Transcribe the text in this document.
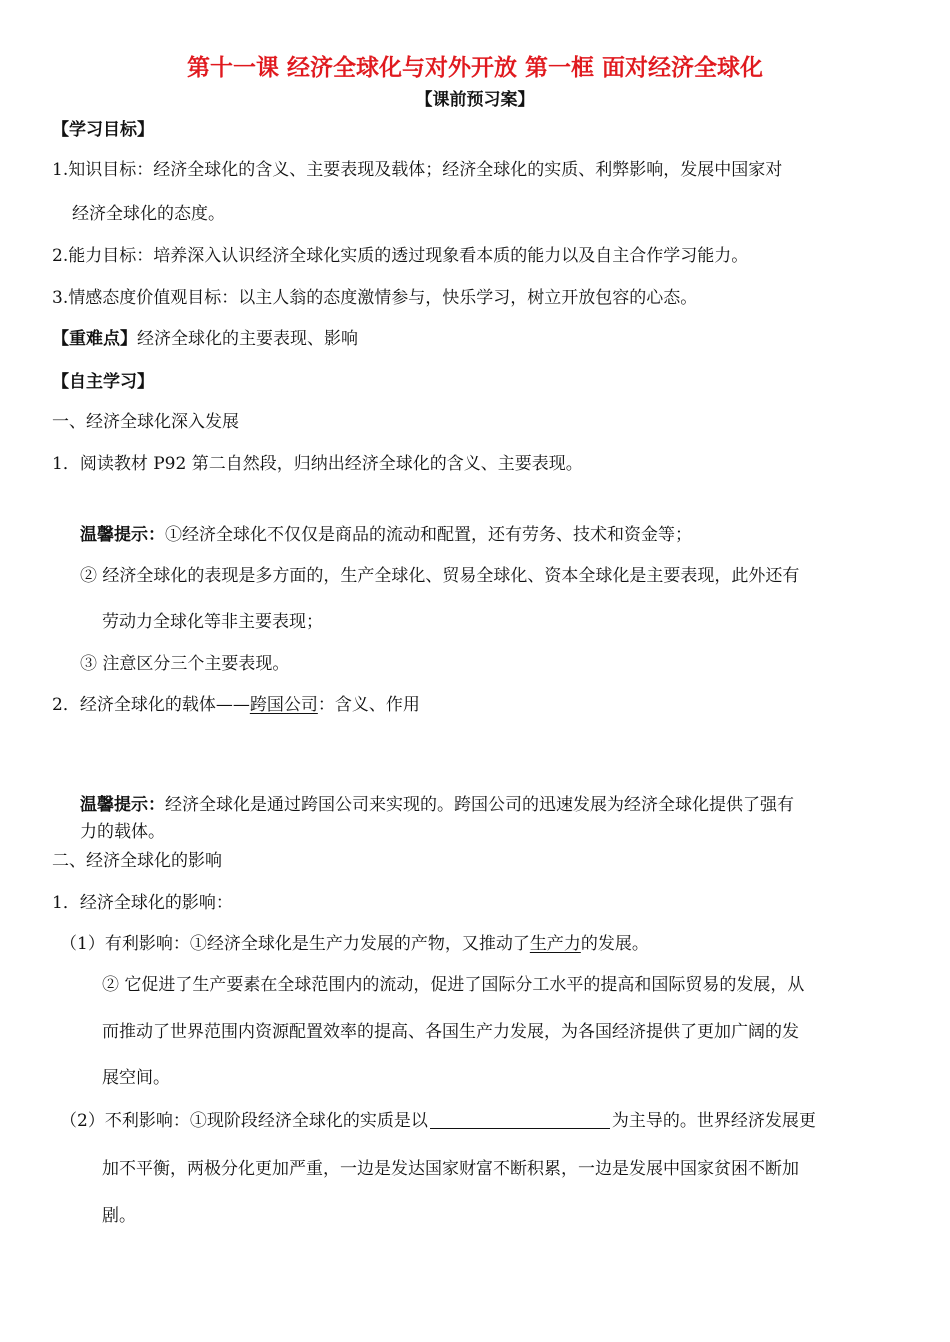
第十一课 经济全球化与对外开放 第一框 面对经济全球化
【课前预习案】
【学习目标】
1.知识目标：经济全球化的含义、主要表现及载体；经济全球化的实质、利弊影响，发展中国家对
经济全球化的态度。
2.能力目标：培养深入认识经济全球化实质的透过现象看本质的能力以及自主合作学习能力。
3.情感态度价值观目标：以主人翁的态度激情参与，快乐学习，树立开放包容的心态。
【重难点】经济全球化的主要表现、影响
【自主学习】
一、经济全球化深入发展
1．阅读教材 P92 第二自然段，归纳出经济全球化的含义、主要表现。
温馨提示：①经济全球化不仅仅是商品的流动和配置，还有劳务、技术和资金等；
② 经济全球化的表现是多方面的，生产全球化、贸易全球化、资本全球化是主要表现，此外还有
劳动力全球化等非主要表现；
③ 注意区分三个主要表现。
2．经济全球化的载体——跨国公司：含义、作用
温馨提示：经济全球化是通过跨国公司来实现的。跨国公司的迅速发展为经济全球化提供了强有
力的载体。
二、经济全球化的影响
1．经济全球化的影响：
（1）有利影响：①经济全球化是生产力发展的产物，又推动了生产力的发展。
② 它促进了生产要素在全球范围内的流动，促进了国际分工水平的提高和国际贸易的发展，从
而推动了世界范围内资源配置效率的提高、各国生产力发展，为各国经济提供了更加广阔的发
展空间。
（2）不利影响：①现阶段经济全球化的实质是以	为主导的。世界经济发展更
加不平衡，两极分化更加严重，一边是发达国家财富不断积累，一边是发展中国家贫困不断加
剧。
